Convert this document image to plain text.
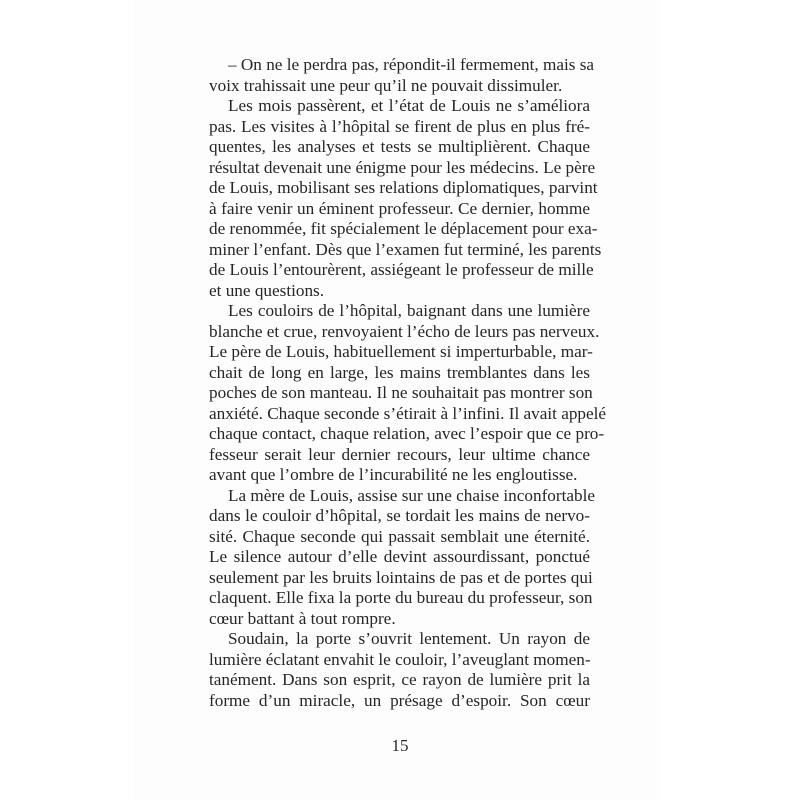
– On ne le perdra pas, répondit-il fermement, mais sa
voix trahissait une peur qu’il ne pouvait dissimuler.
Les mois passèrent, et l’état de Louis ne s’améliora
pas. Les visites à l’hôpital se firent de plus en plus fré-
quentes, les analyses et tests se multiplièrent. Chaque
résultat devenait une énigme pour les médecins. Le père
de Louis, mobilisant ses relations diplomatiques, parvint
à faire venir un éminent professeur. Ce dernier, homme
de renommée, fit spécialement le déplacement pour exa-
miner l’enfant. Dès que l’examen fut terminé, les parents
de Louis l’entourèrent, assiégeant le professeur de mille
et une questions.
Les couloirs de l’hôpital, baignant dans une lumière
blanche et crue, renvoyaient l’écho de leurs pas nerveux.
Le père de Louis, habituellement si imperturbable, mar-
chait de long en large, les mains tremblantes dans les
poches de son manteau. Il ne souhaitait pas montrer son
anxiété. Chaque seconde s’étirait à l’infini. Il avait appelé
chaque contact, chaque relation, avec l’espoir que ce pro-
fesseur serait leur dernier recours, leur ultime chance
avant que l’ombre de l’incurabilité ne les engloutisse.
La mère de Louis, assise sur une chaise inconfortable
dans le couloir d’hôpital, se tordait les mains de nervo-
sité. Chaque seconde qui passait semblait une éternité.
Le silence autour d’elle devint assourdissant, ponctué
seulement par les bruits lointains de pas et de portes qui
claquent. Elle fixa la porte du bureau du professeur, son
cœur battant à tout rompre.
Soudain, la porte s’ouvrit lentement. Un rayon de
lumière éclatant envahit le couloir, l’aveuglant momen-
tanément. Dans son esprit, ce rayon de lumière prit la
forme d’un miracle, un présage d’espoir. Son cœur
15
